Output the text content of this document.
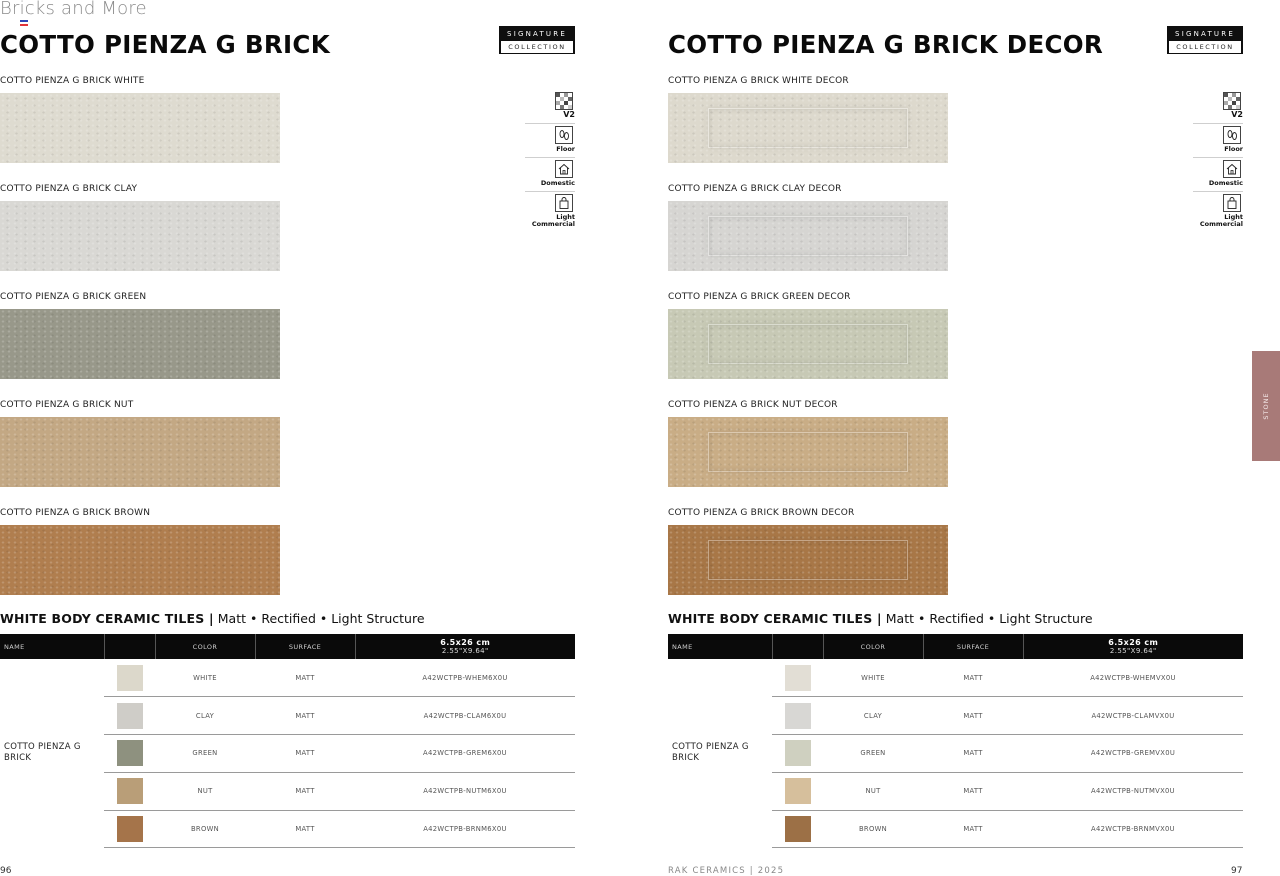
Bricks and More
COTTO PIENZA G BRICK	SIGNATURE
COLLECTION
COTTO PIENZA G BRICK WHITE
COTTO PIENZA G BRICK CLAY
COTTO PIENZA G BRICK GREEN
COTTO PIENZA G BRICK NUT
COTTO PIENZA G BRICK BROWN
V2
Floor
Domestic
Light
Commercial
WHITE BODY CERAMIC TILES | Matt • Rectified • Light Structure
NAME		COLOR	SURFACE	6.5x26 cm
2.55"X9.64"

COTTO PIENZA G BRICK		WHITE	MATT	A42WCTPB-WHEM6X0U
		CLAY	MATT	A42WCTPB-CLAM6X0U
		GREEN	MATT	A42WCTPB-GREM6X0U
		NUT	MATT	A42WCTPB-NUTM6X0U
		BROWN	MATT	A42WCTPB-BRNM6X0U
96
COTTO PIENZA G BRICK DECOR	SIGNATURE
COLLECTION
COTTO PIENZA G BRICK WHITE DECOR
COTTO PIENZA G BRICK CLAY DECOR
COTTO PIENZA G BRICK GREEN DECOR
COTTO PIENZA G BRICK NUT DECOR
COTTO PIENZA G BRICK BROWN DECOR
V2
Floor
Domestic
Light
Commercial
WHITE BODY CERAMIC TILES | Matt • Rectified • Light Structure
NAME		COLOR	SURFACE	6.5x26 cm
2.55"X9.64"

COTTO PIENZA G BRICK		WHITE	MATT	A42WCTPB-WHEMVX0U
		CLAY	MATT	A42WCTPB-CLAMVX0U
		GREEN	MATT	A42WCTPB-GREMVX0U
		NUT	MATT	A42WCTPB-NUTMVX0U
		BROWN	MATT	A42WCTPB-BRNMVX0U
RAK CERAMICS | 2025	97
STONE
